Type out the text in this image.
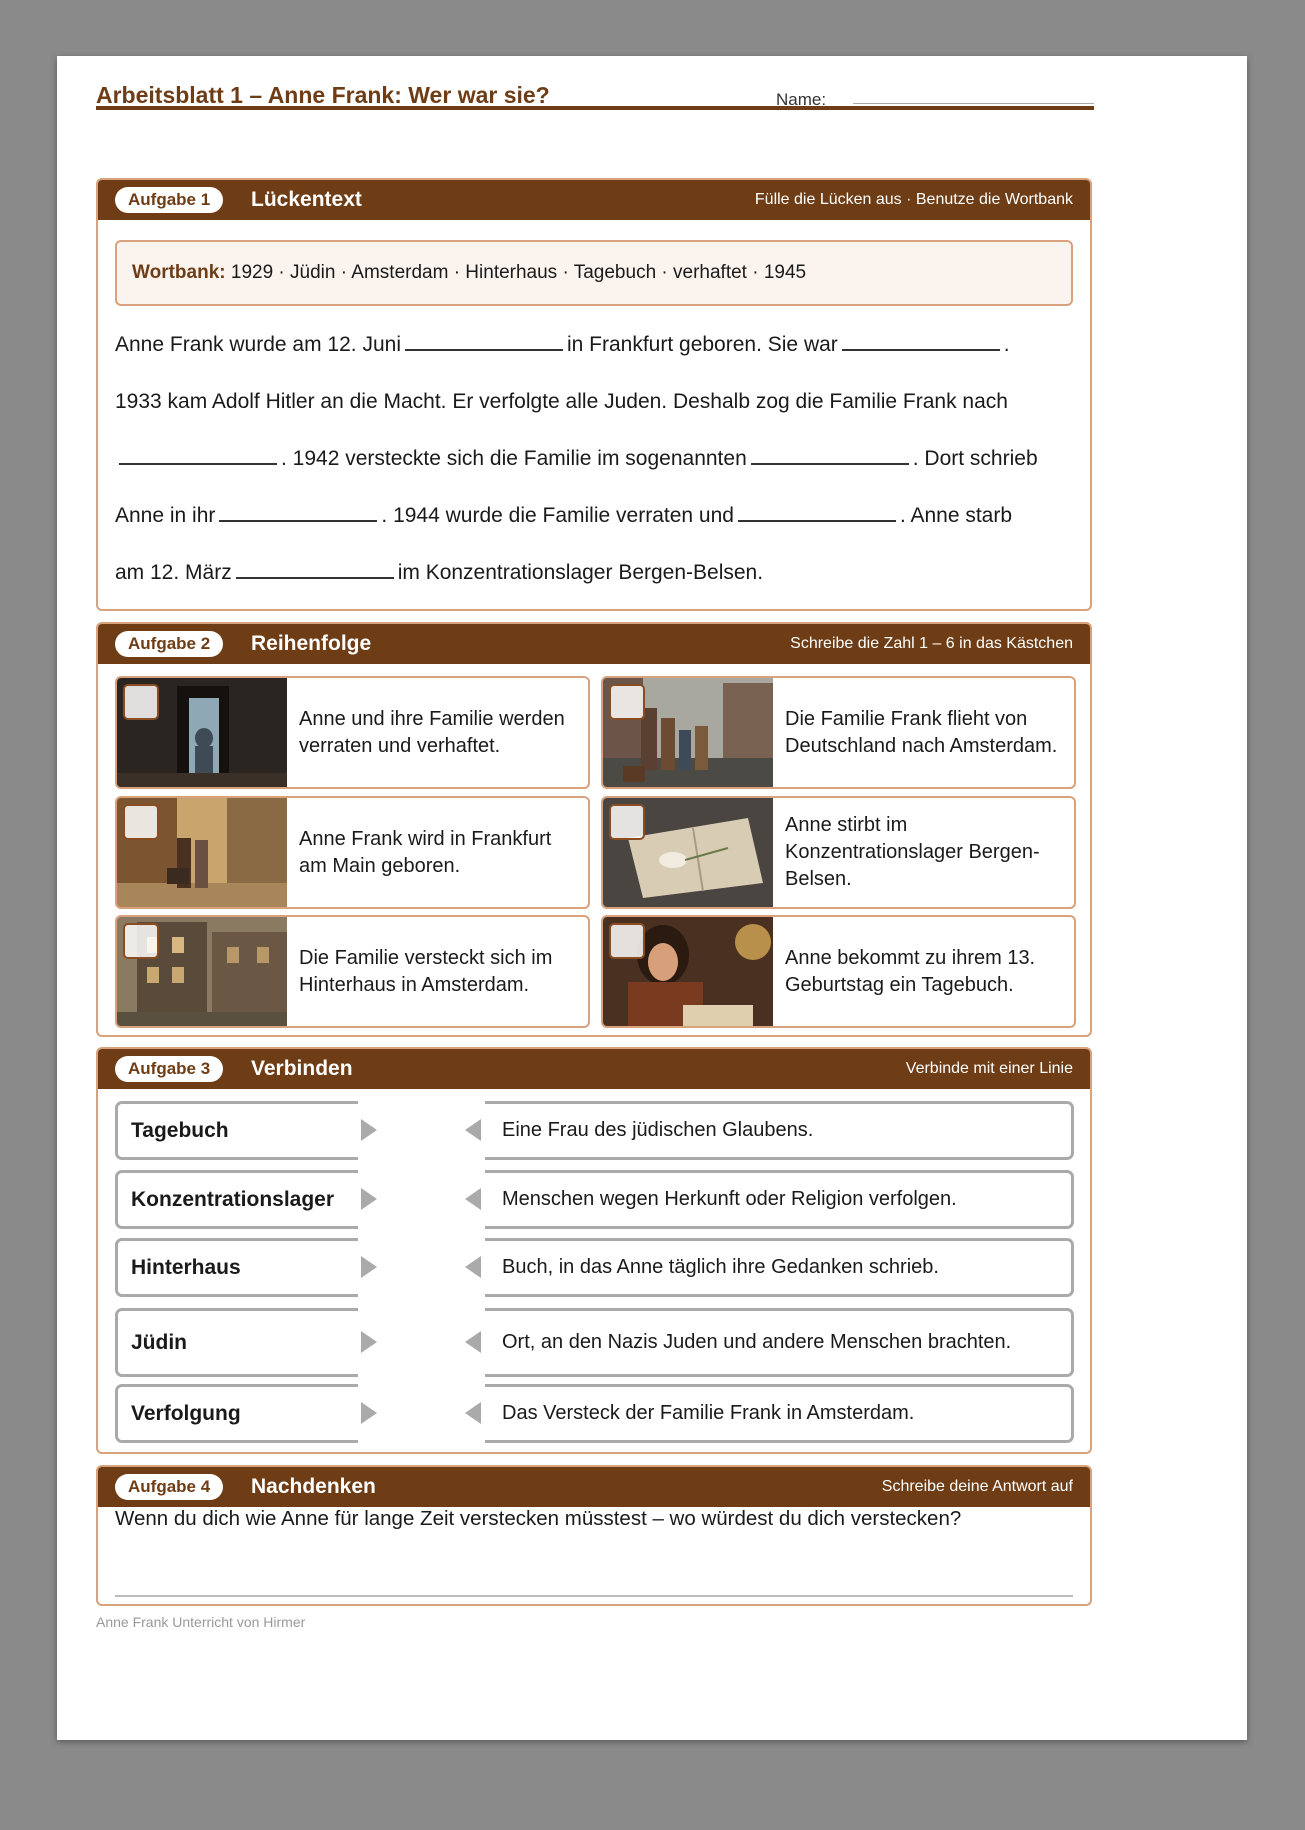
Arbeitsblatt 1 – Anne Frank: Wer war sie?	Name:
Aufgabe 1	Lückentext	Fülle die Lücken aus · Benutze die Wortbank
Wortbank: 1929 · Jüdin · Amsterdam · Hinterhaus · Tagebuch · verhaftet · 1945
Anne Frank wurde am 12. Juni	in Frankfurt geboren. Sie war	.
1933 kam Adolf Hitler an die Macht. Er verfolgte alle Juden. Deshalb zog die Familie Frank nach
. 1942 versteckte sich die Familie im sogenannten	. Dort schrieb
Anne in ihr	. 1944 wurde die Familie verraten und	. Anne starb
am 12. März	im Konzentrationslager Bergen-Belsen.
Aufgabe 2	Reihenfolge	Schreibe die Zahl 1 – 6 in das Kästchen
Anne und ihre Familie werden verraten und verhaftet.
Die Familie Frank flieht von Deutschland nach Amsterdam.
Anne Frank wird in Frankfurt am Main geboren.
Anne stirbt im Konzentrationslager Bergen-Belsen.
Die Familie versteckt sich im Hinterhaus in Amsterdam.
Anne bekommt zu ihrem 13. Geburtstag ein Tagebuch.
Aufgabe 3	Verbinden	Verbinde mit einer Linie
Tagebuch	Eine Frau des jüdischen Glaubens.
Konzentrationslager	Menschen wegen Herkunft oder Religion verfolgen.
Hinterhaus	Buch, in das Anne täglich ihre Gedanken schrieb.
Jüdin	Ort, an den Nazis Juden und andere Menschen brachten.
Verfolgung	Das Versteck der Familie Frank in Amsterdam.
Aufgabe 4	Nachdenken	Schreibe deine Antwort auf
Wenn du dich wie Anne für lange Zeit verstecken müsstest – wo würdest du dich verstecken?
Anne Frank Unterricht von Hirmer
